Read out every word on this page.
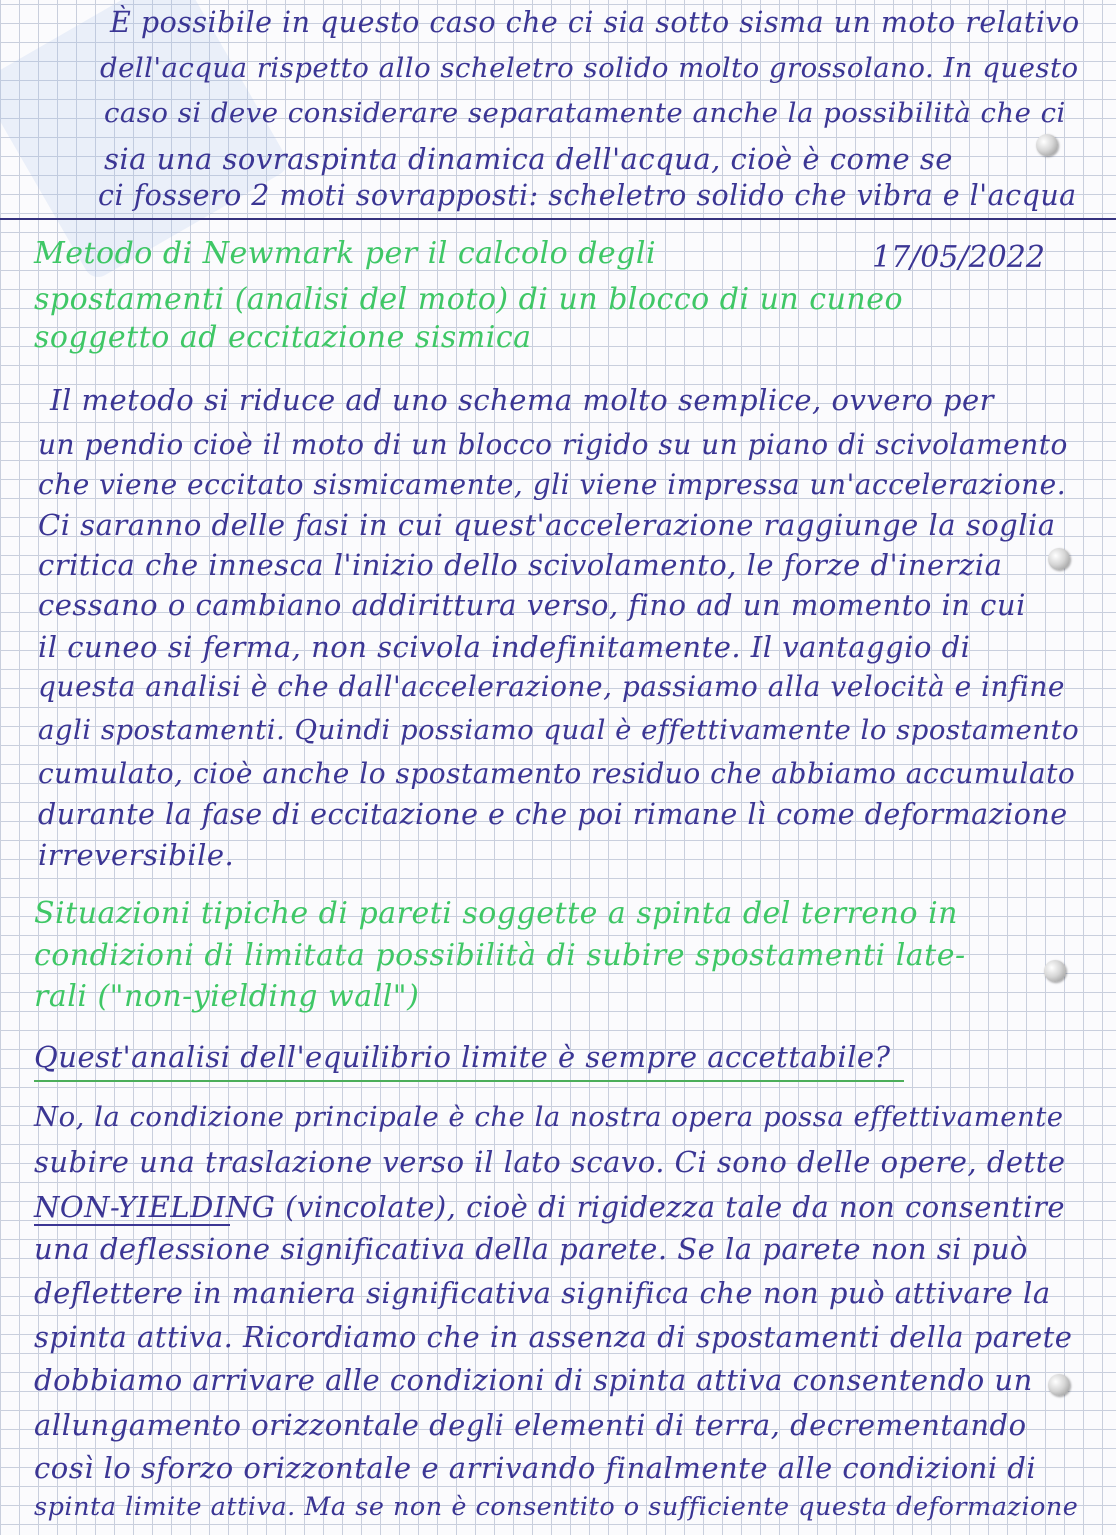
È possibile in questo caso che ci sia sotto sisma un moto relativo

dell'acqua rispetto allo scheletro solido molto grossolano. In questo

caso si deve considerare separatamente anche la possibilità che ci

sia una sovraspinta dinamica dell'acqua, cioè è come se

ci fossero 2 moti sovrapposti: scheletro solido che vibra e l'acqua

Metodo di Newmark per il calcolo degli	17/05/2022

spostamenti (analisi del moto) di un blocco di un cuneo

soggetto ad eccitazione sismica

Il metodo si riduce ad uno schema molto semplice, ovvero per

un pendio cioè il moto di un blocco rigido su un piano di scivolamento

che viene eccitato sismicamente, gli viene impressa un'accelerazione.

Ci saranno delle fasi in cui quest'accelerazione raggiunge la soglia

critica che innesca l'inizio dello scivolamento, le forze d'inerzia

cessano o cambiano addirittura verso, fino ad un momento in cui

il cuneo si ferma, non scivola indefinitamente. Il vantaggio di

questa analisi è che dall'accelerazione, passiamo alla velocità e infine

agli spostamenti. Quindi possiamo qual è effettivamente lo spostamento

cumulato, cioè anche lo spostamento residuo che abbiamo accumulato

durante la fase di eccitazione e che poi rimane lì come deformazione

irreversibile.

Situazioni tipiche di pareti soggette a spinta del terreno in

condizioni di limitata possibilità di subire spostamenti late-

rali ("non-yielding wall")

Quest'analisi dell'equilibrio limite è sempre accettabile?

No, la condizione principale è che la nostra opera possa effettivamente

subire una traslazione verso il lato scavo. Ci sono delle opere, dette

NON-YIELDING (vincolate), cioè di rigidezza tale da non consentire

una deflessione significativa della parete. Se la parete non si può

deflettere in maniera significativa significa che non può attivare la

spinta attiva. Ricordiamo che in assenza di spostamenti della parete

dobbiamo arrivare alle condizioni di spinta attiva consentendo un

allungamento orizzontale degli elementi di terra, decrementando

così lo sforzo orizzontale e arrivando finalmente alle condizioni di

spinta limite attiva. Ma se non è consentito o sufficiente questa deformazione
